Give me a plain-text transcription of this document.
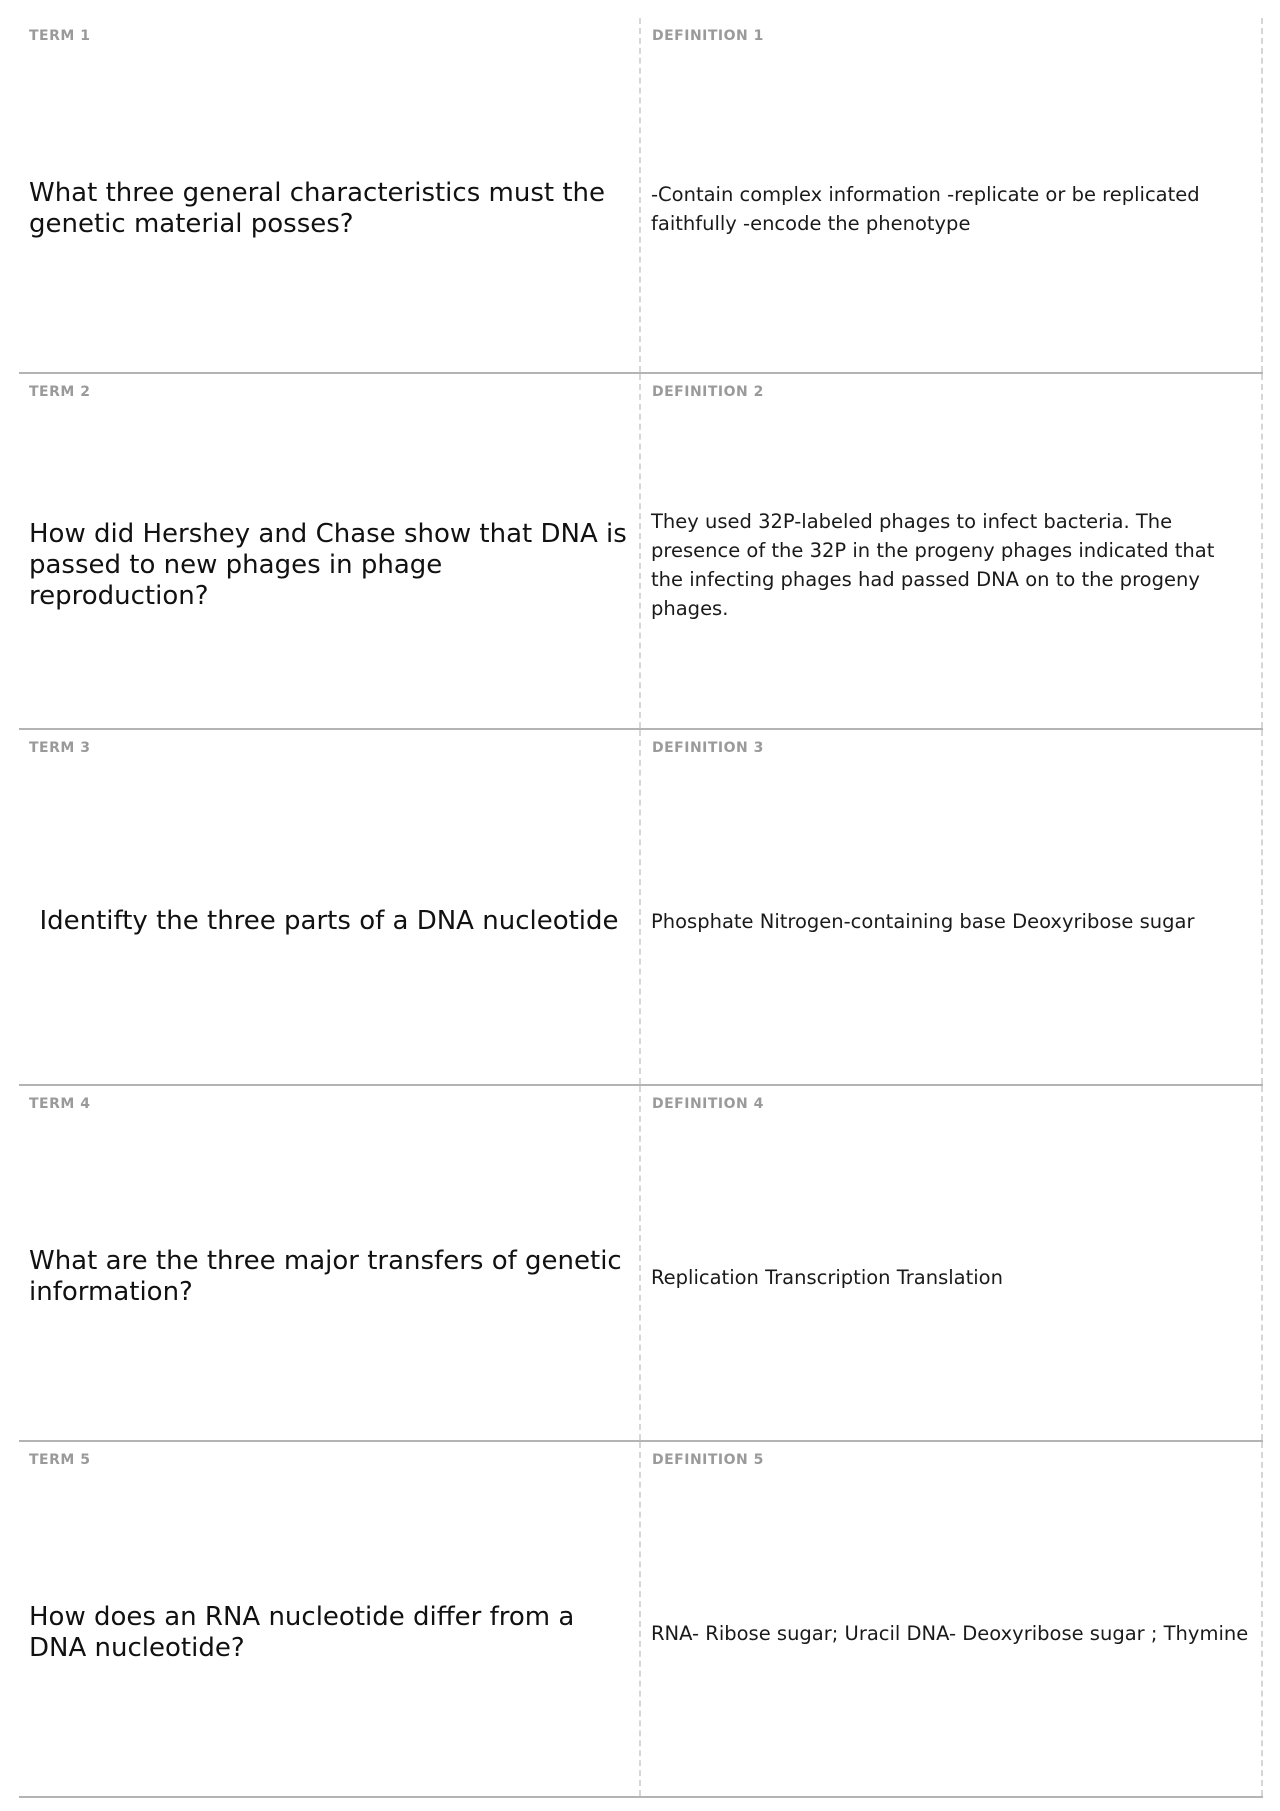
TERM 1
What three general characteristics must the genetic material posses?
DEFINITION 1
-Contain complex information -replicate or be replicated faithfully -encode the phenotype
TERM 2
How did Hershey and Chase show that DNA is passed to new phages in phage reproduction?
DEFINITION 2
They used 32P-labeled phages to infect bacteria. The presence of the 32P in the progeny phages indicated that the infecting phages had passed DNA on to the progeny phages.
TERM 3
Identifty the three parts of a DNA nucleotide
DEFINITION 3
Phosphate Nitrogen-containing base Deoxyribose sugar
TERM 4
What are the three major transfers of genetic information?
DEFINITION 4
Replication Transcription Translation
TERM 5
How does an RNA nucleotide differ from a DNA nucleotide?
DEFINITION 5
RNA- Ribose sugar; Uracil DNA- Deoxyribose sugar ; Thymine
